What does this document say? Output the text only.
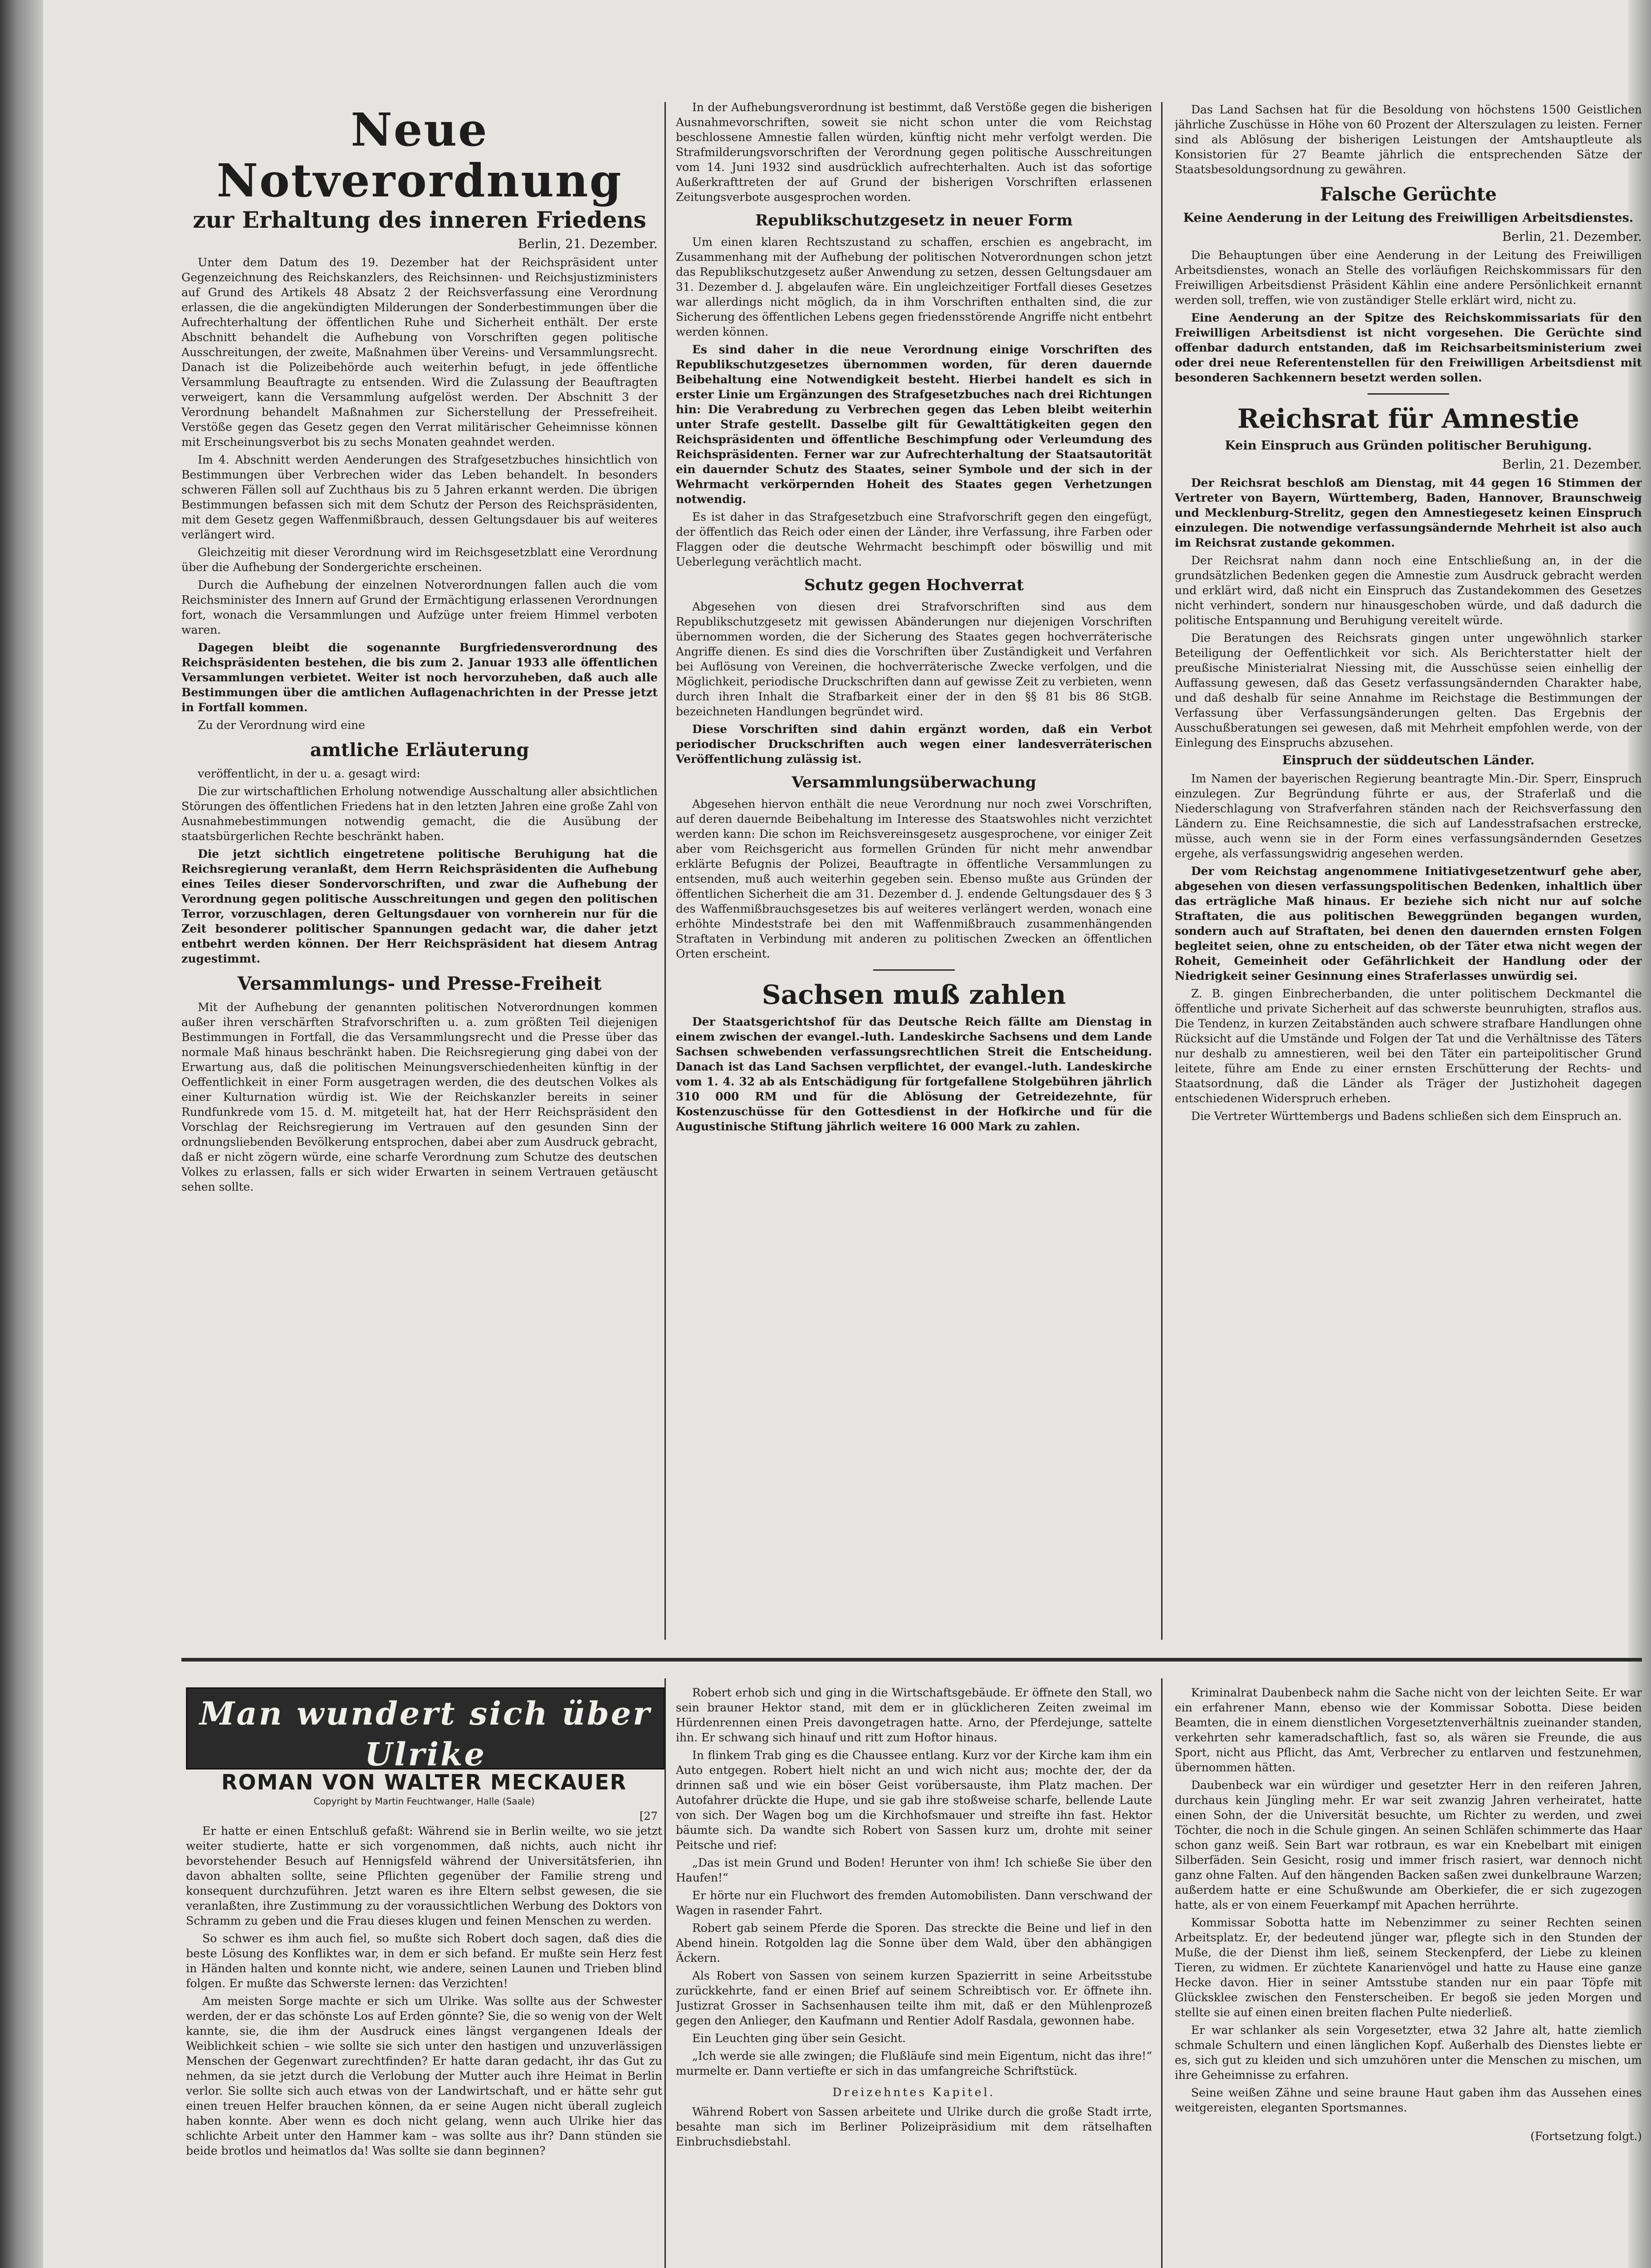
Neue Notverordnung
zur Erhaltung des inneren Friedens
Berlin, 21. Dezember.

Unter dem Datum des 19. Dezember hat der Reichspräsident unter Gegenzeichnung des Reichskanzlers, des Reichsinnen- und Reichsjustizministers auf Grund des Artikels 48 Absatz 2 der Reichsverfassung eine Verordnung erlassen, die die angekündigten Milderungen der Sonderbestimmungen über die Aufrechterhaltung der öffentlichen Ruhe und Sicherheit enthält. Der erste Abschnitt behandelt die Aufhebung von Vorschriften gegen politische Ausschreitungen, der zweite, Maßnahmen über Vereins- und Versammlungsrecht. Danach ist die Polizeibehörde auch weiterhin befugt, in jede öffentliche Versammlung Beauftragte zu entsenden. Wird die Zulassung der Beauftragten verweigert, kann die Versammlung aufgelöst werden. Der Abschnitt 3 der Verordnung behandelt Maßnahmen zur Sicherstellung der Pressefreiheit. Verstöße gegen das Gesetz gegen den Verrat militärischer Geheimnisse können mit Erscheinungsverbot bis zu sechs Monaten geahndet werden.

Im 4. Abschnitt werden Aenderungen des Strafgesetzbuches hinsichtlich von Bestimmungen über Verbrechen wider das Leben behandelt. In besonders schweren Fällen soll auf Zuchthaus bis zu 5 Jahren erkannt werden. Die übrigen Bestimmungen befassen sich mit dem Schutz der Person des Reichspräsidenten, mit dem Gesetz gegen Waffenmißbrauch, dessen Geltungsdauer bis auf weiteres verlängert wird.

Gleichzeitig mit dieser Verordnung wird im Reichsgesetzblatt eine Verordnung über die Aufhebung der Sondergerichte erscheinen.

Durch die Aufhebung der einzelnen Notverordnungen fallen auch die vom Reichsminister des Innern auf Grund der Ermächtigung erlassenen Verordnungen fort, wonach die Versammlungen und Aufzüge unter freiem Himmel verboten waren.

Dagegen bleibt die sogenannte Burgfriedensverordnung des Reichspräsidenten bestehen, die bis zum 2. Januar 1933 alle öffentlichen Versammlungen verbietet. Weiter ist noch hervorzuheben, daß auch alle Bestimmungen über die amtlichen Auflagenachrichten in der Presse jetzt in Fortfall kommen.

Zu der Verordnung wird eine

amtliche Erläuterung

veröffentlicht, in der u. a. gesagt wird:

Die zur wirtschaftlichen Erholung notwendige Ausschaltung aller absichtlichen Störungen des öffentlichen Friedens hat in den letzten Jahren eine große Zahl von Ausnahmebestimmungen notwendig gemacht, die die Ausübung der staatsbürgerlichen Rechte beschränkt haben.

Die jetzt sichtlich eingetretene politische Beruhigung hat die Reichsregierung veranlaßt, dem Herrn Reichspräsidenten die Aufhebung eines Teiles dieser Sondervorschriften, und zwar die Aufhebung der Verordnung gegen politische Ausschreitungen und gegen den politischen Terror, vorzuschlagen, deren Geltungsdauer von vornherein nur für die Zeit besonderer politischer Spannungen gedacht war, die daher jetzt entbehrt werden können. Der Herr Reichspräsident hat diesem Antrag zugestimmt.

Versammlungs- und Presse-Freiheit

Mit der Aufhebung der genannten politischen Notverordnungen kommen außer ihren verschärften Strafvorschriften u. a. zum größten Teil diejenigen Bestimmungen in Fortfall, die das Versammlungsrecht und die Presse über das normale Maß hinaus beschränkt haben. Die Reichsregierung ging dabei von der Erwartung aus, daß die politischen Meinungsverschiedenheiten künftig in der Oeffentlichkeit in einer Form ausgetragen werden, die des deutschen Volkes als einer Kulturnation würdig ist. Wie der Reichskanzler bereits in seiner Rundfunkrede vom 15. d. M. mitgeteilt hat, hat der Herr Reichspräsident den Vorschlag der Reichsregierung im Vertrauen auf den gesunden Sinn der ordnungsliebenden Bevölkerung entsprochen, dabei aber zum Ausdruck gebracht, daß er nicht zögern würde, eine scharfe Verordnung zum Schutze des deutschen Volkes zu erlassen, falls er sich wider Erwarten in seinem Vertrauen getäuscht sehen sollte.

In der Aufhebungsverordnung ist bestimmt, daß Verstöße gegen die bisherigen Ausnahmevorschriften, soweit sie nicht schon unter die vom Reichstag beschlossene Amnestie fallen würden, künftig nicht mehr verfolgt werden. Die Strafmilderungsvorschriften der Verordnung gegen politische Ausschreitungen vom 14. Juni 1932 sind ausdrücklich aufrechterhalten. Auch ist das sofortige Außerkrafttreten der auf Grund der bisherigen Vorschriften erlassenen Zeitungsverbote ausgesprochen worden.

Republikschutzgesetz in neuer Form

Um einen klaren Rechtszustand zu schaffen, erschien es angebracht, im Zusammenhang mit der Aufhebung der politischen Notverordnungen schon jetzt das Republikschutzgesetz außer Anwendung zu setzen, dessen Geltungsdauer am 31. Dezember d. J. abgelaufen wäre. Ein ungleichzeitiger Fortfall dieses Gesetzes war allerdings nicht möglich, da in ihm Vorschriften enthalten sind, die zur Sicherung des öffentlichen Lebens gegen friedensstörende Angriffe nicht entbehrt werden können.

Es sind daher in die neue Verordnung einige Vorschriften des Republikschutzgesetzes übernommen worden, für deren dauernde Beibehaltung eine Notwendigkeit besteht. Hierbei handelt es sich in erster Linie um Ergänzungen des Strafgesetzbuches nach drei Richtungen hin: Die Verabredung zu Verbrechen gegen das Leben bleibt weiterhin unter Strafe gestellt. Dasselbe gilt für Gewalttätigkeiten gegen den Reichspräsidenten und öffentliche Beschimpfung oder Verleumdung des Reichspräsidenten. Ferner war zur Aufrechterhaltung der Staatsautorität ein dauernder Schutz des Staates, seiner Symbole und der sich in der Wehrmacht verkörpernden Hoheit des Staates gegen Verhetzungen notwendig.

Es ist daher in das Strafgesetzbuch eine Strafvorschrift gegen den eingefügt, der öffentlich das Reich oder einen der Länder, ihre Verfassung, ihre Farben oder Flaggen oder die deutsche Wehrmacht beschimpft oder böswillig und mit Ueberlegung verächtlich macht.

Schutz gegen Hochverrat

Abgesehen von diesen drei Strafvorschriften sind aus dem Republikschutzgesetz mit gewissen Abänderungen nur diejenigen Vorschriften übernommen worden, die der Sicherung des Staates gegen hochverräterische Angriffe dienen. Es sind dies die Vorschriften über Zuständigkeit und Verfahren bei Auflösung von Vereinen, die hochverräterische Zwecke verfolgen, und die Möglichkeit, periodische Druckschriften dann auf gewisse Zeit zu verbieten, wenn durch ihren Inhalt die Strafbarkeit einer der in den §§ 81 bis 86 StGB. bezeichneten Handlungen begründet wird.

Diese Vorschriften sind dahin ergänzt worden, daß ein Verbot periodischer Druckschriften auch wegen einer landesverräterischen Veröffentlichung zulässig ist.

Versammlungsüberwachung

Abgesehen hiervon enthält die neue Verordnung nur noch zwei Vorschriften, auf deren dauernde Beibehaltung im Interesse des Staatswohles nicht verzichtet werden kann: Die schon im Reichsvereinsgesetz ausgesprochene, vor einiger Zeit aber vom Reichsgericht aus formellen Gründen für nicht mehr anwendbar erklärte Befugnis der Polizei, Beauftragte in öffentliche Versammlungen zu entsenden, muß auch weiterhin gegeben sein. Ebenso mußte aus Gründen der öffentlichen Sicherheit die am 31. Dezember d. J. endende Geltungsdauer des § 3 des Waffenmißbrauchsgesetzes bis auf weiteres verlängert werden, wonach eine erhöhte Mindeststrafe bei den mit Waffenmißbrauch zusammenhängenden Straftaten in Verbindung mit anderen zu politischen Zwecken an öffentlichen Orten erscheint.

Sachsen muß zahlen

Der Staatsgerichtshof für das Deutsche Reich fällte am Dienstag in einem zwischen der evangel.-luth. Landeskirche Sachsens und dem Lande Sachsen schwebenden verfassungsrechtlichen Streit die Entscheidung. Danach ist das Land Sachsen verpflichtet, der evangel.-luth. Landeskirche vom 1. 4. 32 ab als Entschädigung für fortgefallene Stolgebühren jährlich 310 000 RM und für die Ablösung der Getreidezehnte, für Kostenzuschüsse für den Gottesdienst in der Hofkirche und für die Augustinische Stiftung jährlich weitere 16 000 Mark zu zahlen.

Das Land Sachsen hat für die Besoldung von höchstens 1500 Geistlichen jährliche Zuschüsse in Höhe von 60 Prozent der Alterszulagen zu leisten. Ferner sind als Ablösung der bisherigen Leistungen der Amtshauptleute als Konsistorien für 27 Beamte jährlich die entsprechenden Sätze der Staatsbesoldungsordnung zu gewähren.

Falsche Gerüchte
Keine Aenderung in der Leitung des Freiwilligen Arbeitsdienstes.
Berlin, 21. Dezember.

Die Behauptungen über eine Aenderung in der Leitung des Freiwilligen Arbeitsdienstes, wonach an Stelle des vorläufigen Reichskommissars für den Freiwilligen Arbeitsdienst Präsident Kählin eine andere Persönlichkeit ernannt werden soll, treffen, wie von zuständiger Stelle erklärt wird, nicht zu.

Eine Aenderung an der Spitze des Reichskommissariats für den Freiwilligen Arbeitsdienst ist nicht vorgesehen. Die Gerüchte sind offenbar dadurch entstanden, daß im Reichsarbeitsministerium zwei oder drei neue Referentenstellen für den Freiwilligen Arbeitsdienst mit besonderen Sachkennern besetzt werden sollen.

Reichsrat für Amnestie
Kein Einspruch aus Gründen politischer Beruhigung.
Berlin, 21. Dezember.

Der Reichsrat beschloß am Dienstag, mit 44 gegen 16 Stimmen der Vertreter von Bayern, Württemberg, Baden, Hannover, Braunschweig und Mecklenburg-Strelitz, gegen den Amnestiegesetz keinen Einspruch einzulegen. Die notwendige verfassungsändernde Mehrheit ist also auch im Reichsrat zustande gekommen.

Der Reichsrat nahm dann noch eine Entschließung an, in der die grundsätzlichen Bedenken gegen die Amnestie zum Ausdruck gebracht werden und erklärt wird, daß nicht ein Einspruch das Zustandekommen des Gesetzes nicht verhindert, sondern nur hinausgeschoben würde, und daß dadurch die politische Entspannung und Beruhigung vereitelt würde.

Die Beratungen des Reichsrats gingen unter ungewöhnlich starker Beteiligung der Oeffentlichkeit vor sich. Als Berichterstatter hielt der preußische Ministerialrat Niessing mit, die Ausschüsse seien einhellig der Auffassung gewesen, daß das Gesetz verfassungsändernden Charakter habe, und daß deshalb für seine Annahme im Reichstage die Bestimmungen der Verfassung über Verfassungsänderungen gelten. Das Ergebnis der Ausschußberatungen sei gewesen, daß mit Mehrheit empfohlen werde, von der Einlegung des Einspruchs abzusehen.

Einspruch der süddeutschen Länder.

Im Namen der bayerischen Regierung beantragte Min.-Dir. Sperr, Einspruch einzulegen. Zur Begründung führte er aus, der Straferlaß und die Niederschlagung von Strafverfahren ständen nach der Reichsverfassung den Ländern zu. Eine Reichsamnestie, die sich auf Landesstrafsachen erstrecke, müsse, auch wenn sie in der Form eines verfassungsändernden Gesetzes ergehe, als verfassungswidrig angesehen werden.

Der vom Reichstag angenommene Initiativgesetzentwurf gehe aber, abgesehen von diesen verfassungspolitischen Bedenken, inhaltlich über das erträgliche Maß hinaus. Er beziehe sich nicht nur auf solche Straftaten, die aus politischen Beweggründen begangen wurden, sondern auch auf Straftaten, bei denen den dauernden ernsten Folgen begleitet seien, ohne zu entscheiden, ob der Täter etwa nicht wegen der Roheit, Gemeinheit oder Gefährlichkeit der Handlung oder der Niedrigkeit seiner Gesinnung eines Straferlasses unwürdig sei.

Z. B. gingen Einbrecherbanden, die unter politischem Deckmantel die öffentliche und private Sicherheit auf das schwerste beunruhigten, straflos aus. Die Tendenz, in kurzen Zeitabständen auch schwere strafbare Handlungen ohne Rücksicht auf die Umstände und Folgen der Tat und die Verhältnisse des Täters nur deshalb zu amnestieren, weil bei den Täter ein parteipolitischer Grund leitete, führe am Ende zu einer ernsten Erschütterung der Rechts- und Staatsordnung, daß die Länder als Träger der Justizhoheit dagegen entschiedenen Widerspruch erheben.

Die Vertreter Württembergs und Badens schließen sich dem Einspruch an.

Man wundert sich über Ulrike
ROMAN VON WALTER MECKAUER
Copyright by Martin Feuchtwanger, Halle (Saale)
[27

Er hatte er einen Entschluß gefaßt: Während sie in Berlin weilte, wo sie jetzt weiter studierte, hatte er sich vorgenommen, daß nichts, auch nicht ihr bevorstehender Besuch auf Hennigsfeld während der Universitätsferien, ihn davon abhalten sollte, seine Pflichten gegenüber der Familie streng und konsequent durchzuführen. Jetzt waren es ihre Eltern selbst gewesen, die sie veranlaßten, ihre Zustimmung zu der voraussichtlichen Werbung des Doktors von Schramm zu geben und die Frau dieses klugen und feinen Menschen zu werden.

So schwer es ihm auch fiel, so mußte sich Robert doch sagen, daß dies die beste Lösung des Konfliktes war, in dem er sich befand. Er mußte sein Herz fest in Händen halten und konnte nicht, wie andere, seinen Launen und Trieben blind folgen. Er mußte das Schwerste lernen: das Verzichten!

Am meisten Sorge machte er sich um Ulrike. Was sollte aus der Schwester werden, der er das schönste Los auf Erden gönnte? Sie, die so wenig von der Welt kannte, sie, die ihm der Ausdruck eines längst vergangenen Ideals der Weiblichkeit schien – wie sollte sie sich unter den hastigen und unzuverlässigen Menschen der Gegenwart zurechtfinden? Er hatte daran gedacht, ihr das Gut zu nehmen, da sie jetzt durch die Verlobung der Mutter auch ihre Heimat in Berlin verlor. Sie sollte sich auch etwas von der Landwirtschaft, und er hätte sehr gut einen treuen Helfer brauchen können, da er seine Augen nicht überall zugleich haben konnte. Aber wenn es doch nicht gelang, wenn auch Ulrike hier das schlichte Arbeit unter den Hammer kam – was sollte aus ihr? Dann stünden sie beide brotlos und heimatlos da! Was sollte sie dann beginnen?

Robert erhob sich und ging in die Wirtschaftsgebäude. Er öffnete den Stall, wo sein brauner Hektor stand, mit dem er in glücklicheren Zeiten zweimal im Hürdenrennen einen Preis davongetragen hatte. Arno, der Pferdejunge, sattelte ihn. Er schwang sich hinauf und ritt zum Hoftor hinaus.

In flinkem Trab ging es die Chaussee entlang. Kurz vor der Kirche kam ihm ein Auto entgegen. Robert hielt nicht an und wich nicht aus; mochte der, der da drinnen saß und wie ein böser Geist vorübersauste, ihm Platz machen. Der Autofahrer drückte die Hupe, und sie gab ihre stoßweise scharfe, bellende Laute von sich. Der Wagen bog um die Kirchhofsmauer und streifte ihn fast. Hektor bäumte sich. Da wandte sich Robert von Sassen kurz um, drohte mit seiner Peitsche und rief:

„Das ist mein Grund und Boden! Herunter von ihm! Ich schieße Sie über den Haufen!“

Er hörte nur ein Fluchwort des fremden Automobilisten. Dann verschwand der Wagen in rasender Fahrt.

Robert gab seinem Pferde die Sporen. Das streckte die Beine und lief in den Abend hinein. Rotgolden lag die Sonne über dem Wald, über den abhängigen Äckern.

Als Robert von Sassen von seinem kurzen Spazierritt in seine Arbeitsstube zurückkehrte, fand er einen Brief auf seinem Schreibtisch vor. Er öffnete ihn. Justizrat Grosser in Sachsenhausen teilte ihm mit, daß er den Mühlenprozeß gegen den Anlieger, den Kaufmann und Rentier Adolf Rasdala, gewonnen habe.

Ein Leuchten ging über sein Gesicht.

„Ich werde sie alle zwingen; die Flußläufe sind mein Eigentum, nicht das ihre!“ murmelte er. Dann vertiefte er sich in das umfangreiche Schriftstück.

Dreizehntes Kapitel.

Während Robert von Sassen arbeitete und Ulrike durch die große Stadt irrte, besahte man sich im Berliner Polizeipräsidium mit dem rätselhaften Einbruchsdiebstahl.

Kriminalrat Daubenbeck nahm die Sache nicht von der leichten Seite. Er war ein erfahrener Mann, ebenso wie der Kommissar Sobotta. Diese beiden Beamten, die in einem dienstlichen Vorgesetztenverhältnis zueinander standen, verkehrten sehr kameradschaftlich, fast so, als wären sie Freunde, die aus Sport, nicht aus Pflicht, das Amt, Verbrecher zu entlarven und festzunehmen, übernommen hätten.

Daubenbeck war ein würdiger und gesetzter Herr in den reiferen Jahren, durchaus kein Jüngling mehr. Er war seit zwanzig Jahren verheiratet, hatte einen Sohn, der die Universität besuchte, um Richter zu werden, und zwei Töchter, die noch in die Schule gingen. An seinen Schläfen schimmerte das Haar schon ganz weiß. Sein Bart war rotbraun, es war ein Knebelbart mit einigen Silberfäden. Sein Gesicht, rosig und immer frisch rasiert, war dennoch nicht ganz ohne Falten. Auf den hängenden Backen saßen zwei dunkelbraune Warzen; außerdem hatte er eine Schußwunde am Oberkiefer, die er sich zugezogen hatte, als er von einem Feuerkampf mit Apachen herrührte.

Kommissar Sobotta hatte im Nebenzimmer zu seiner Rechten seinen Arbeitsplatz. Er, der bedeutend jünger war, pflegte sich in den Stunden der Muße, die der Dienst ihm ließ, seinem Steckenpferd, der Liebe zu kleinen Tieren, zu widmen. Er züchtete Kanarienvögel und hatte zu Hause eine ganze Hecke davon. Hier in seiner Amtsstube standen nur ein paar Töpfe mit Glücksklee zwischen den Fensterscheiben. Er begoß sie jeden Morgen und stellte sie auf einen einen breiten flachen Pulte niederließ.

Er war schlanker als sein Vorgesetzter, etwa 32 Jahre alt, hatte ziemlich schmale Schultern und einen länglichen Kopf. Außerhalb des Dienstes liebte er es, sich gut zu kleiden und sich umzuhören unter die Menschen zu mischen, um ihre Geheimnisse zu erfahren.

Seine weißen Zähne und seine braune Haut gaben ihm das Aussehen eines weitgereisten, eleganten Sportsmannes.

(Fortsetzung folgt.)
